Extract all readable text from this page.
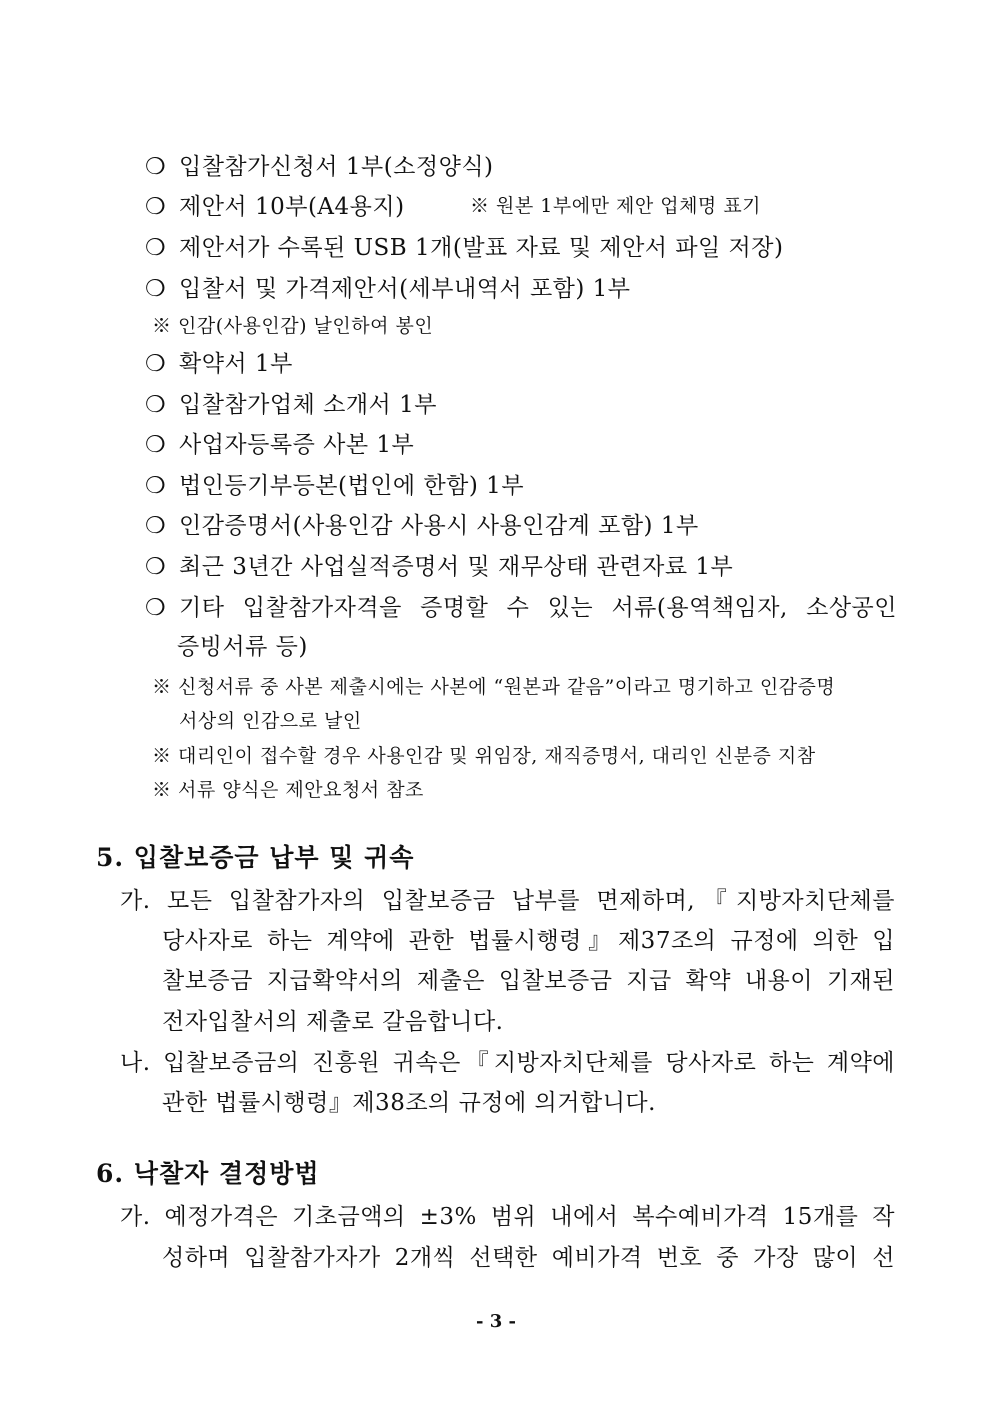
❍ 입찰참가신청서 1부(소정양식)
❍ 제안서 10부(A4용지)	※ 원본 1부에만 제안 업체명 표기
❍ 제안서가 수록된 USB 1개(발표 자료 및 제안서 파일 저장)
❍ 입찰서 및 가격제안서(세부내역서 포함) 1부
※ 인감(사용인감) 날인하여 봉인
❍ 확약서 1부
❍ 입찰참가업체 소개서 1부
❍ 사업자등록증 사본 1부
❍ 법인등기부등본(법인에 한함) 1부
❍ 인감증명서(사용인감 사용시 사용인감계 포함) 1부
❍ 최근 3년간 사업실적증명서 및 재무상태 관련자료 1부
❍ 기타 입찰참가자격을 증명할 수 있는 서류(용역책임자, 소상공인
증빙서류 등)
※ 신청서류 중 사본 제출시에는 사본에 “원본과 같음”이라고 명기하고 인감증명
서상의 인감으로 날인
※ 대리인이 접수할 경우 사용인감 및 위임장, 재직증명서, 대리인 신분증 지참
※ 서류 양식은 제안요청서 참조
5. 입찰보증금 납부 및 귀속
가. 모든 입찰참가자의 입찰보증금 납부를 면제하며,『지방자치단체를
당사자로 하는 계약에 관한 법률시행령』제37조의 규정에 의한 입
찰보증금 지급확약서의 제출은 입찰보증금 지급 확약 내용이 기재된
전자입찰서의 제출로 갈음합니다.
나. 입찰보증금의 진흥원 귀속은『지방자치단체를 당사자로 하는 계약에
관한 법률시행령』제38조의 규정에 의거합니다.
6. 낙찰자 결정방법
가. 예정가격은 기초금액의 ±3% 범위 내에서 복수예비가격 15개를 작
성하며 입찰참가자가 2개씩 선택한 예비가격 번호 중 가장 많이 선
- 3 -
